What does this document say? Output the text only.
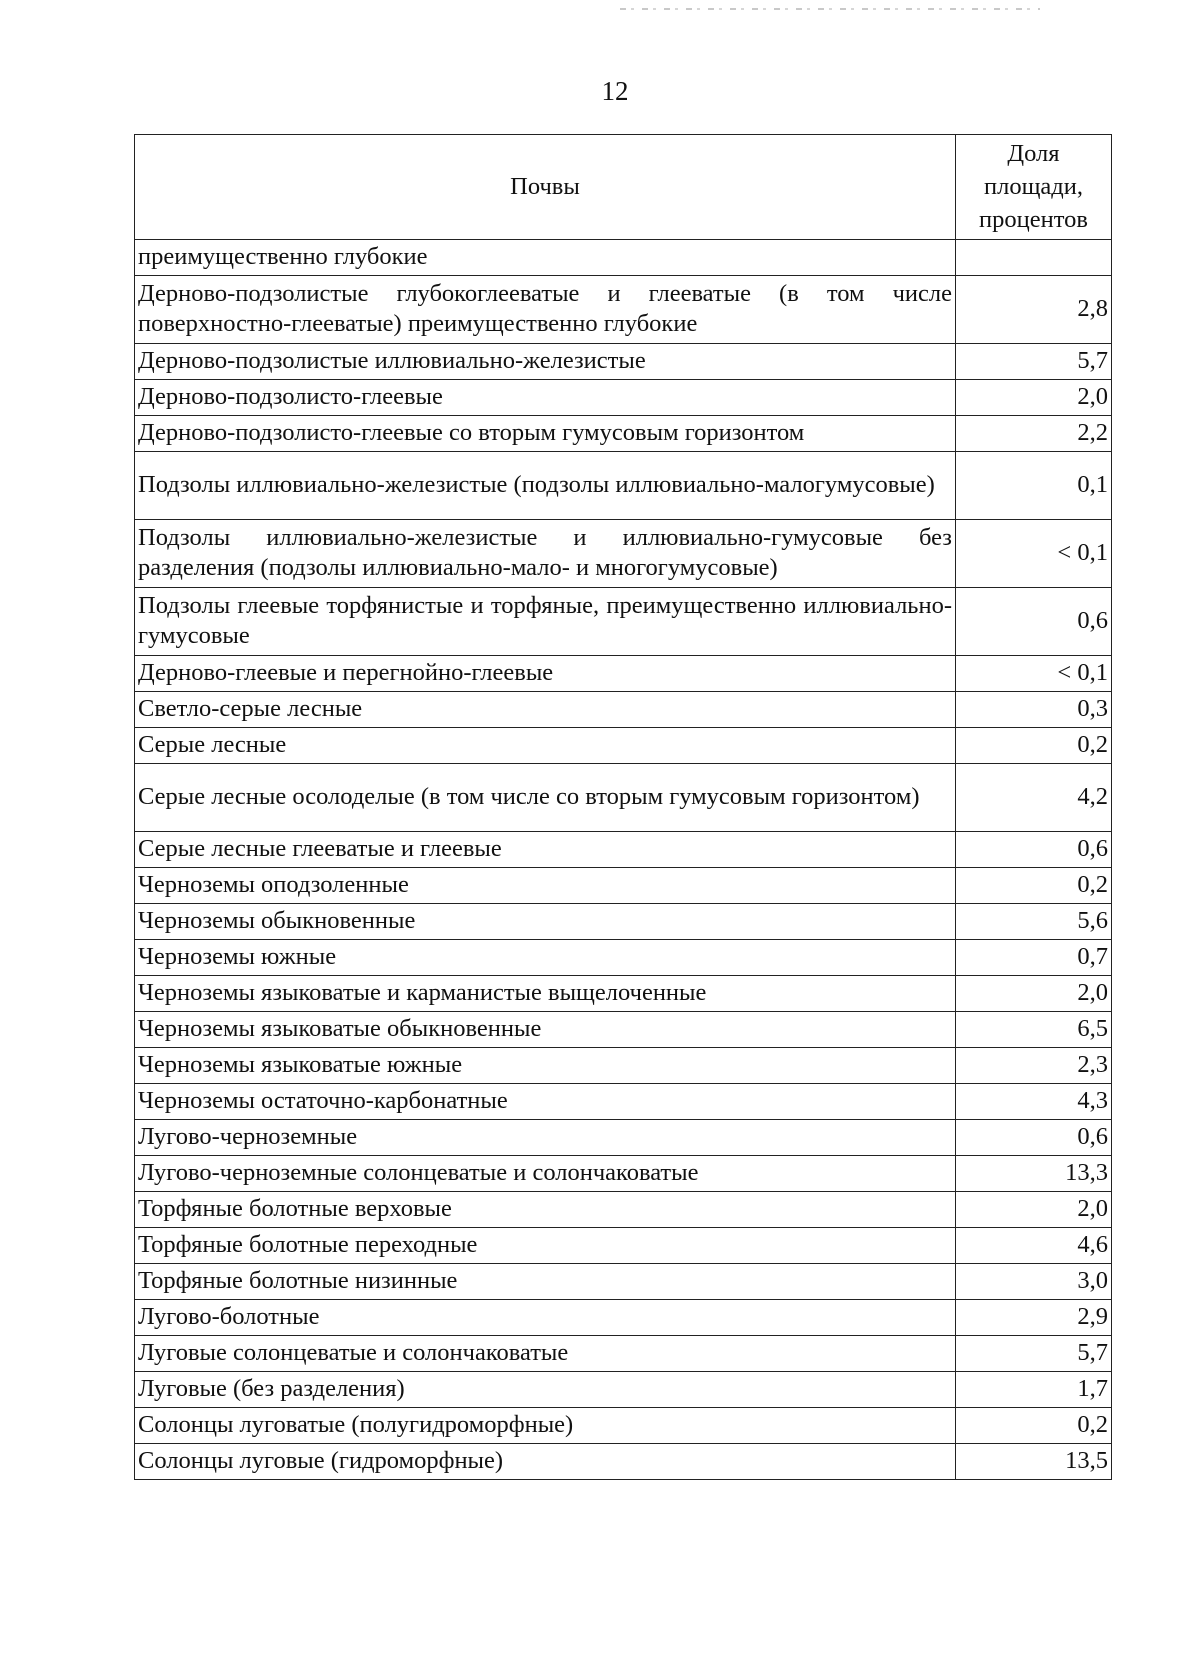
12
Почвы	Доля площади, процентов
преимущественно глубокие	
Дерново-подзолистые глубокоглееватые и глееватые (в том числе поверхностно-глееватые) преимущественно глубокие	2,8
Дерново-подзолистые иллювиально-железистые	5,7
Дерново-подзолисто-глеевые	2,0
Дерново-подзолисто-глеевые со вторым гумусовым горизонтом	2,2
Подзолы иллювиально-железистые (подзолы иллювиально-малогумусовые)	0,1
Подзолы иллювиально-железистые и иллювиально-гумусовые без разделения (подзолы иллювиально-мало- и многогумусовые)	< 0,1
Подзолы глеевые торфянистые и торфяные, преимущественно иллювиально-гумусовые	0,6
Дерново-глеевые и перегнойно-глеевые	< 0,1
Светло-серые лесные	0,3
Серые лесные	0,2
Серые лесные осолоделые (в том числе со вторым гумусовым горизонтом)	4,2
Серые лесные глееватые и глеевые	0,6
Черноземы оподзоленные	0,2
Черноземы обыкновенные	5,6
Черноземы южные	0,7
Черноземы языковатые и карманистые выщелоченные	2,0
Черноземы языковатые обыкновенные	6,5
Черноземы языковатые южные	2,3
Черноземы остаточно-карбонатные	4,3
Лугово-черноземные	0,6
Лугово-черноземные солонцеватые и солончаковатые	13,3
Торфяные болотные верховые	2,0
Торфяные болотные переходные	4,6
Торфяные болотные низинные	3,0
Лугово-болотные	2,9
Луговые солонцеватые и солончаковатые	5,7
Луговые (без разделения)	1,7
Солонцы луговатые (полугидроморфные)	0,2
Солонцы луговые (гидроморфные)	13,5
